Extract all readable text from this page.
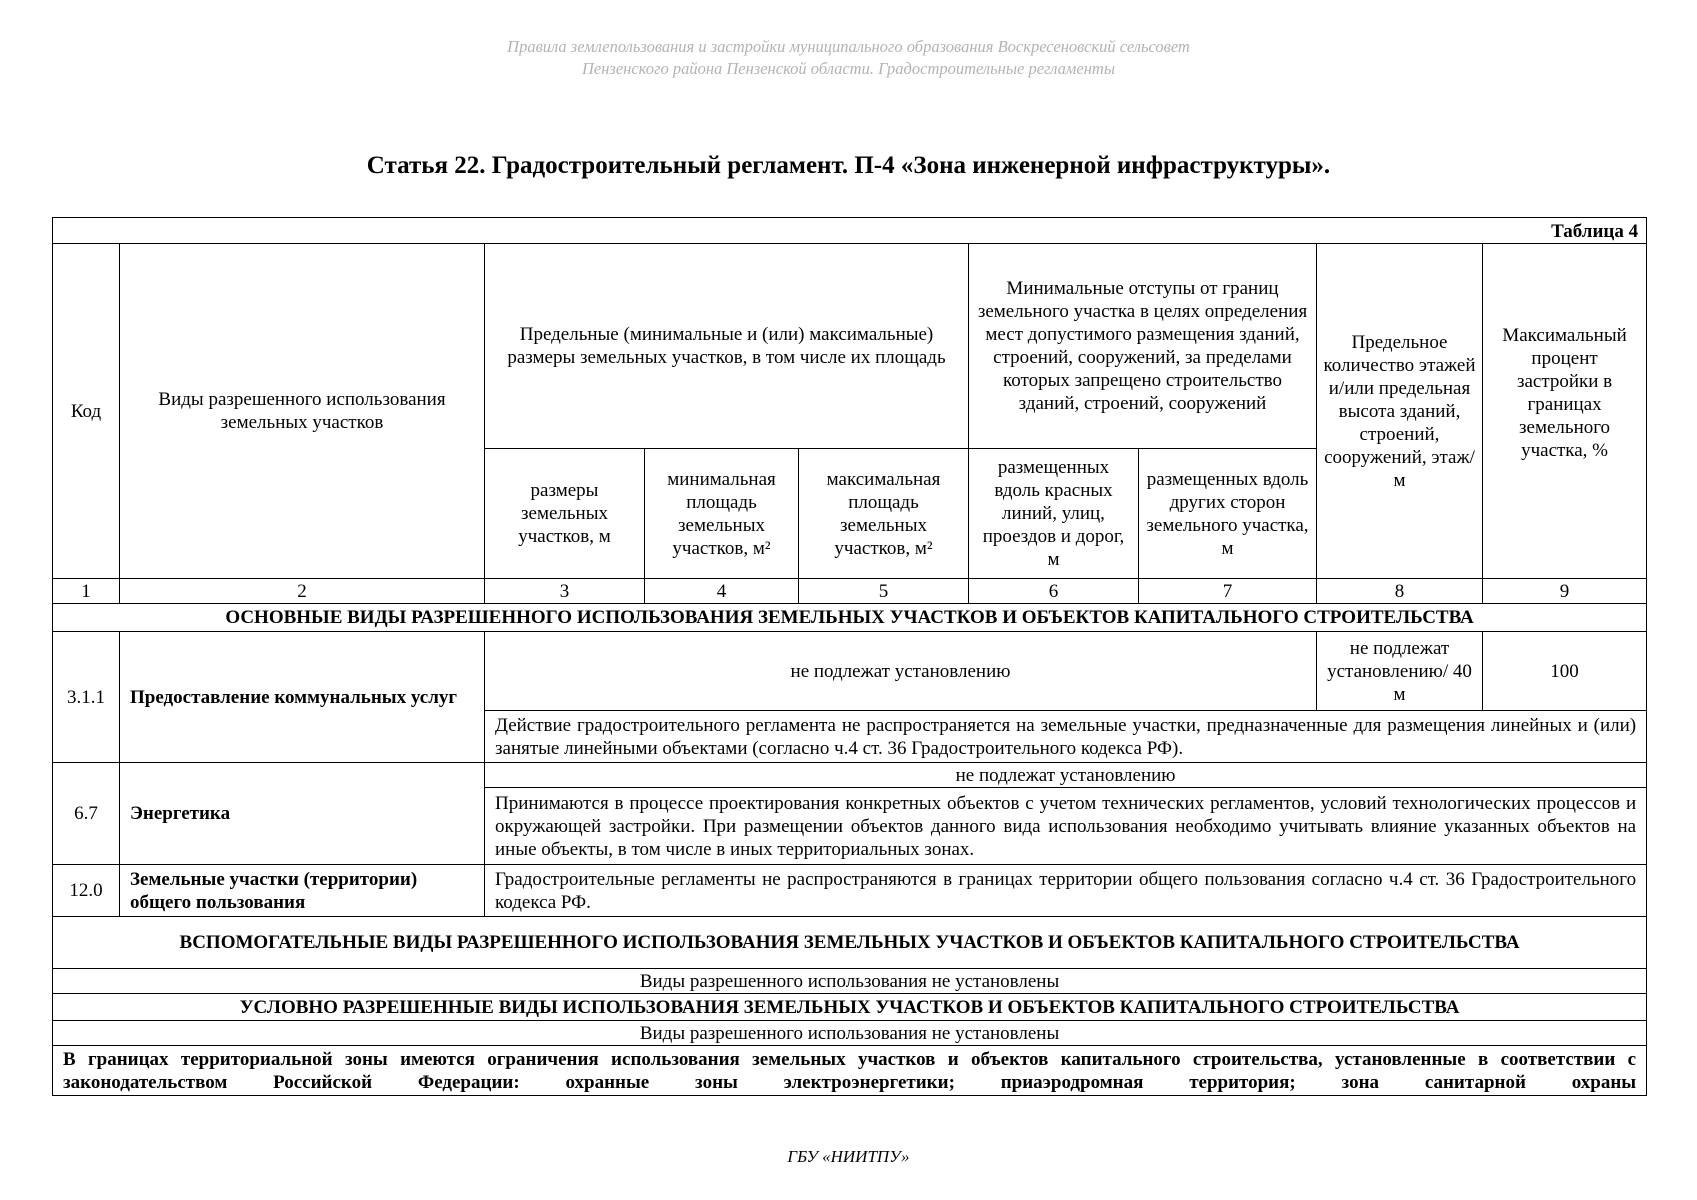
Правила землепользования и застройки муниципального образования Воскресеновский сельсовет
Пензенского района Пензенской области. Градостроительные регламенты
Статья 22. Градостроительный регламент. П-4 «Зона инженерной инфраструктуры».
Таблица 4								
Код	Виды разрешенного использования земельных участков	Предельные (минимальные и (или) максимальные) размеры земельных участков, в том числе их площадь			Минимальные отступы от границ земельного участка в целях определения мест допустимого размещения зданий, строений, сооружений, за пределами которых запрещено строительство зданий, строений, сооружений		Предельное количество этажей и/или предельная высота зданий, строений, сооружений, этаж/м	Максимальный процент застройки в границах земельного участка, %
		размеры земельных участков, м	минимальная площадь земельных участков, м²	максимальная площадь земельных участков, м²	размещенных вдоль красных линий, улиц, проездов и дорог, м	размещенных вдоль других сторон земельного участка, м		
1	2	3	4	5	6	7	8	9
ОСНОВНЫЕ ВИДЫ РАЗРЕШЕННОГО ИСПОЛЬЗОВАНИЯ ЗЕМЕЛЬНЫХ УЧАСТКОВ И ОБЪЕКТОВ КАПИТАЛЬНОГО СТРОИТЕЛЬСТВА								
3.1.1	Предоставление коммунальных услуг	не подлежат установлению					не подлежат установлению/ 40 м	100
		Действие градостроительного регламента не распространяется на земельные участки, предназначенные для размещения линейных и (или) занятые линейными объектами (согласно ч.4 ст. 36 Градостроительного кодекса РФ).						
6.7	Энергетика	не подлежат установлению						
		Принимаются в процессе проектирования конкретных объектов с учетом технических регламентов, условий технологических процессов и окружающей застройки. При размещении объектов данного вида использования необходимо учитывать влияние указанных объектов на иные объекты, в том числе в иных территориальных зонах.						
12.0	Земельные участки (территории) общего пользования	Градостроительные регламенты не распространяются в границах территории общего пользования согласно ч.4 ст. 36 Градостроительного кодекса РФ.						
ВСПОМОГАТЕЛЬНЫЕ ВИДЫ РАЗРЕШЕННОГО ИСПОЛЬЗОВАНИЯ ЗЕМЕЛЬНЫХ УЧАСТКОВ И ОБЪЕКТОВ КАПИТАЛЬНОГО СТРОИТЕЛЬСТВА								
Виды разрешенного использования не установлены								
УСЛОВНО РАЗРЕШЕННЫЕ ВИДЫ ИСПОЛЬЗОВАНИЯ ЗЕМЕЛЬНЫХ УЧАСТКОВ И ОБЪЕКТОВ КАПИТАЛЬНОГО СТРОИТЕЛЬСТВА								
Виды разрешенного использования не установлены								

В границах территориальной зоны имеются ограничения использования земельных участков и объектов капитального строительства, установленные в соответствии с законодательством Российской Федерации: охранные зоны электроэнергетики; приаэродромная территория; зона санитарной охраны								
ГБУ «НИИТПУ»
